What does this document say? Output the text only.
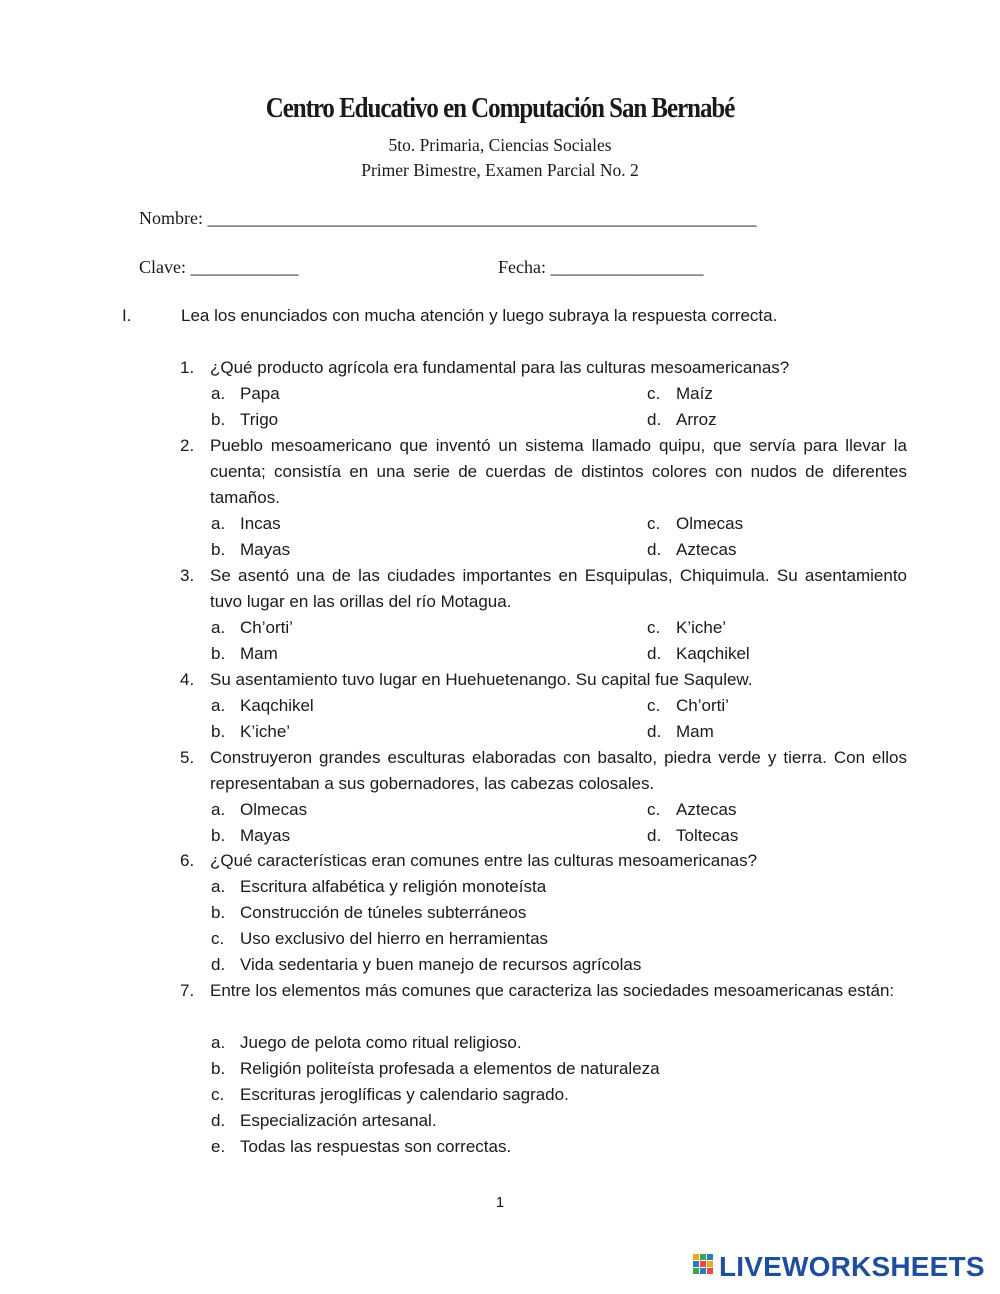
Centro Educativo en Computación San Bernabé
5to. Primaria, Ciencias Sociales
Primer Bimestre, Examen Parcial No. 2
Nombre: _____________________________________________________________
Clave: ____________	Fecha: _________________
I.	Lea los enunciados con mucha atención y luego subraya la respuesta correcta.
1. ¿Qué producto agrícola era fundamental para las culturas mesoamericanas?
a. Papa
b. Trigo
c. Maíz
d. Arroz
2. Pueblo mesoamericano que inventó un sistema llamado quipu, que servía para llevar la cuenta; consistía en una serie de cuerdas de distintos colores con nudos de diferentes tamaños.
a. Incas
b. Mayas
c. Olmecas
d. Aztecas
3. Se asentó una de las ciudades importantes en Esquipulas, Chiquimula. Su asentamiento tuvo lugar en las orillas del río Motagua.
a. Ch’orti’
b. Mam
c. K’iche’
d. Kaqchikel
4. Su asentamiento tuvo lugar en Huehuetenango. Su capital fue Saqulew.
a. Kaqchikel
b. K’iche’
c. Ch’orti’
d. Mam
5. Construyeron grandes esculturas elaboradas con basalto, piedra verde y tierra. Con ellos representaban a sus gobernadores, las cabezas colosales.
a. Olmecas
b. Mayas
c. Aztecas
d. Toltecas
6. ¿Qué características eran comunes entre las culturas mesoamericanas?
a. Escritura alfabética y religión monoteísta
b. Construcción de túneles subterráneos
c. Uso exclusivo del hierro en herramientas
d. Vida sedentaria y buen manejo de recursos agrícolas
7. Entre los elementos más comunes que caracteriza las sociedades mesoamericanas están:
a. Juego de pelota como ritual religioso.
b. Religión politeísta profesada a elementos de naturaleza
c. Escrituras jeroglíficas y calendario sagrado.
d. Especialización artesanal.
e. Todas las respuestas son correctas.
1
LIVEWORKSHEETS
